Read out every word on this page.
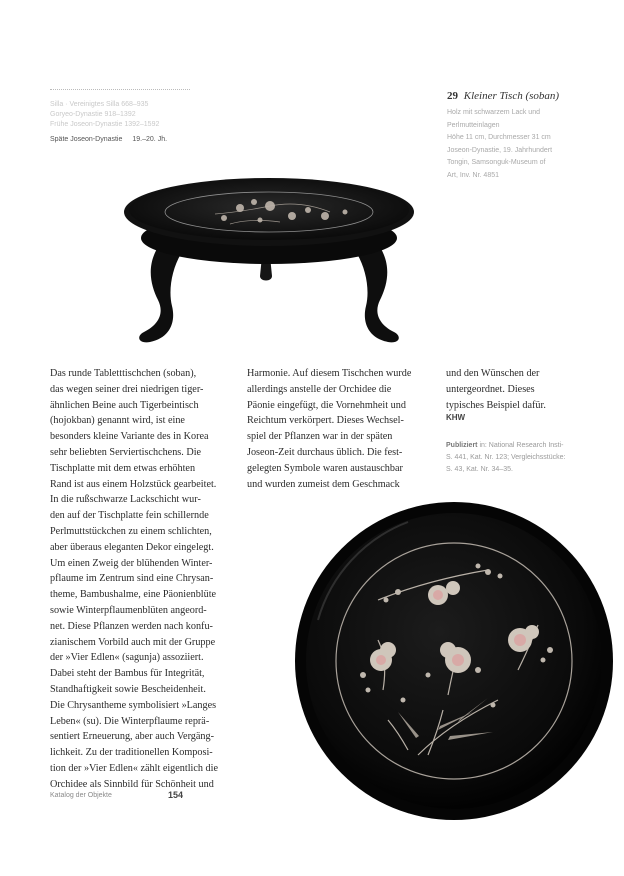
Silla · Vereinigtes Silla 668–935
Goryeo-Dynastie 918–1392
Frühe Joseon-Dynastie 1392–1592
Späte Joseon-Dynastie 19.–20. Jh.
29 Kleiner Tisch (soban)
Holz mit schwarzem Lack und
Perlmutteinlagen
Höhe 11 cm, Durchmesser 31 cm
Joseon-Dynastie, 19. Jahrhundert
Tongin, Samsonguk-Museum of
Art, Inv. Nr. 4851
Das runde Tabletttischchen (soban),
das wegen seiner drei niedrigen tiger-
ähnlichen Beine auch Tigerbeintisch
(hojokban) genannt wird, ist eine
besonders kleine Variante des in Korea
sehr beliebten Serviertischchens. Die
Tischplatte mit dem etwas erhöhten
Rand ist aus einem Holzstück gearbeitet.
In die rußschwarze Lackschicht wur-
den auf der Tischplatte fein schillernde
Perlmuttstückchen zu einem schlichten,
aber überaus eleganten Dekor eingelegt.
Um einen Zweig der blühenden Winter-
pflaume im Zentrum sind eine Chrysan-
theme, Bambushalme, eine Päonienblüte
sowie Winterpflaumenblüten angeord-
net. Diese Pflanzen werden nach konfu-
zianischem Vorbild auch mit der Gruppe
der »Vier Edlen« (sagunja) assoziiert.
Dabei steht der Bambus für Integrität,
Standhaftigkeit sowie Bescheidenheit.
Die Chrysantheme symbolisiert »Langes
Leben« (su). Die Winterpflaume reprä-
sentiert Erneuerung, aber auch Vergäng-
lichkeit. Zu der traditionellen Komposi-
tion der »Vier Edlen« zählt eigentlich die
Orchidee als Sinnbild für Schönheit und
Harmonie. Auf diesem Tischchen wurde
allerdings anstelle der Orchidee die
Päonie eingefügt, die Vornehmheit und
Reichtum verkörpert. Dieses Wechsel-
spiel der Pflanzen war in der späten
Joseon-Zeit durchaus üblich. Die fest-
gelegten Symbole waren austauschbar
und wurden zumeist dem Geschmack
und den Wünschen der
untergeordnet. Dieses
typisches Beispiel dafür.
KHW
Publiziert in: National Research Insti-
S. 441, Kat. Nr. 123; Vergleichsstücke:
S. 43, Kat. Nr. 34–35.
Katalog der Objekte	154
